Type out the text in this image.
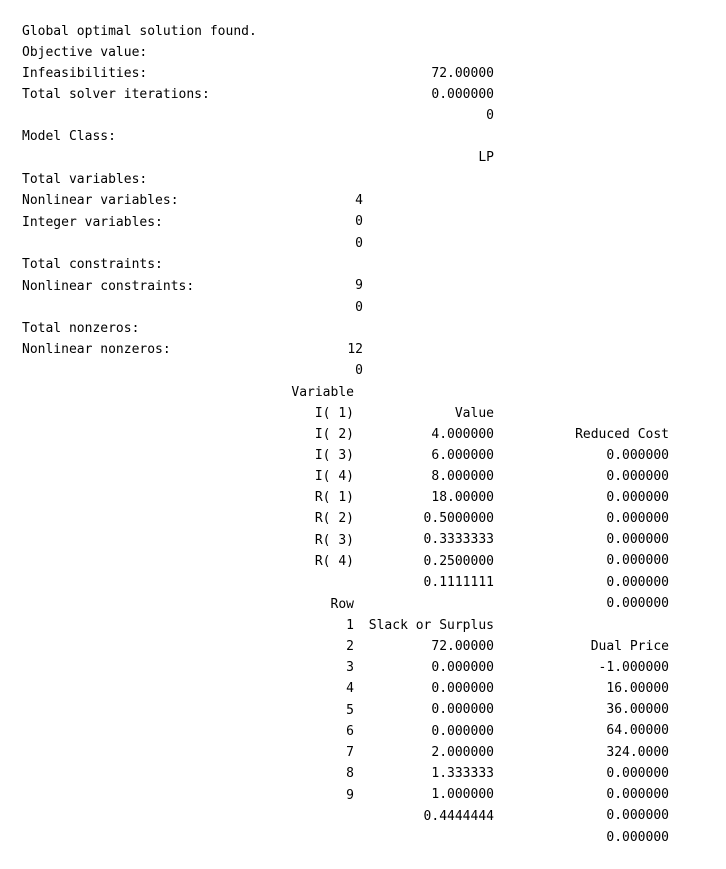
Global optimal solution found.

Objective value:

72.00000

Infeasibilities:

0.000000

Total solver iterations:

0

Model Class:

LP

Total variables:

4

Nonlinear variables:

0

Integer variables:

0

Total constraints:

9

Nonlinear constraints:

0

Total nonzeros:

12

Nonlinear nonzeros:

0

Variable

Value

Reduced Cost

I( 1)

4.000000

0.000000

I( 2)

6.000000

0.000000

I( 3)

8.000000

0.000000

I( 4)

18.00000

0.000000

R( 1)

0.5000000

0.000000

R( 2)

0.3333333

0.000000

R( 3)

0.2500000

0.000000

R( 4)

0.1111111

0.000000

Row

Slack or Surplus

Dual Price

1

72.00000

-1.000000

2

0.000000

16.00000

3

0.000000

36.00000

4

0.000000

64.00000

5

0.000000

324.0000

6

2.000000

0.000000

7

1.333333

0.000000

8

1.000000

0.000000

9

0.4444444

0.000000
